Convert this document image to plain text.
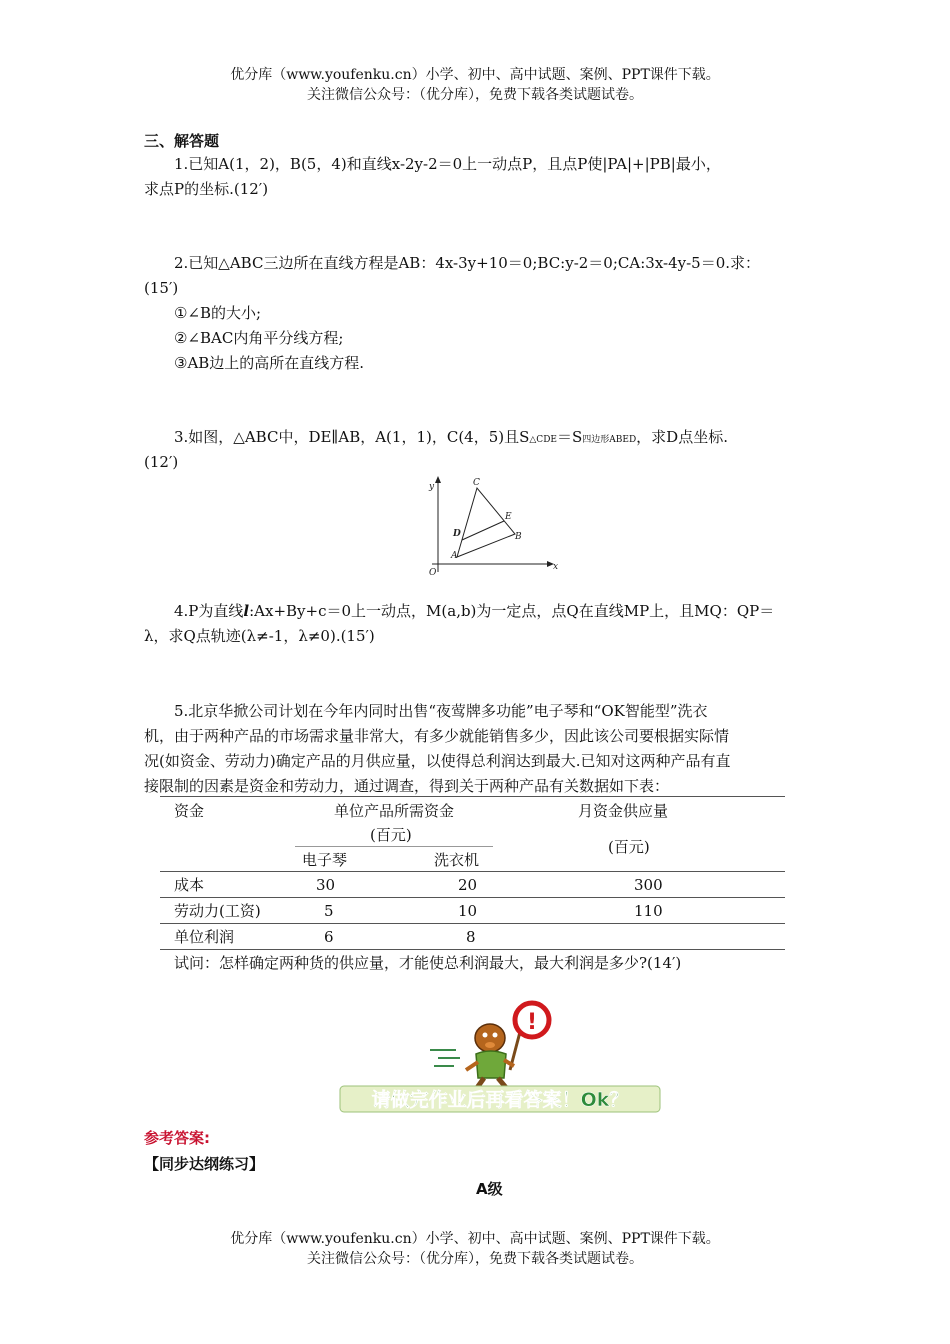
优分库（www.youfenku.cn）小学、初中、高中试题、案例、PPT课件下载。
关注微信公众号：（优分库），免费下载各类试题试卷。
三、解答题
1.已知A(1，2)，B(5，4)和直线x-2y-2＝0上一动点P，且点P使|PA|+|PB|最小，
求点P的坐标.(12′)
2.已知△ABC三边所在直线方程是AB：4x-3y+10＝0;BC:y-2＝0;CA:3x-4y-5＝0.求：
(15′)
①∠B的大小;
②∠BAC内角平分线方程;
③AB边上的高所在直线方程.
3.如图，△ABC中，DE∥AB，A(1，1)，C(4，5)且S△CDE＝S四边形ABED，求D点坐标.
(12′)
y
x
O
A
B
C
D
E
4.P为直线l:Ax+By+c＝0上一动点，M(a,b)为一定点，点Q在直线MP上，且MQ：QP＝
λ，求Q点轨迹(λ≠-1，λ≠0).(15′)
5.北京华掀公司计划在今年内同时出售“夜莺牌多功能”电子琴和“OK智能型”洗衣
机，由于两种产品的市场需求量非常大，有多少就能销售多少，因此该公司要根据实际情
况(如资金、劳动力)确定产品的月供应量，以使得总利润达到最大.已知对这两种产品有直
接限制的因素是资金和劳动力，通过调查，得到关于两种产品有关数据如下表：
资金	单位产品所需资金
(百元)
电子琴	洗衣机
月资金供应量
(百元)
成本	30	20	300
劳动力(工资)	5	10	110
单位利润	6	8
试问：怎样确定两种货的供应量，才能使总利润最大，最大利润是多少?(14′)
!
请做完作业后再看答案！Ok？
参考答案:
【同步达纲练习】
A级
优分库（www.youfenku.cn）小学、初中、高中试题、案例、PPT课件下载。
关注微信公众号：（优分库），免费下载各类试题试卷。
